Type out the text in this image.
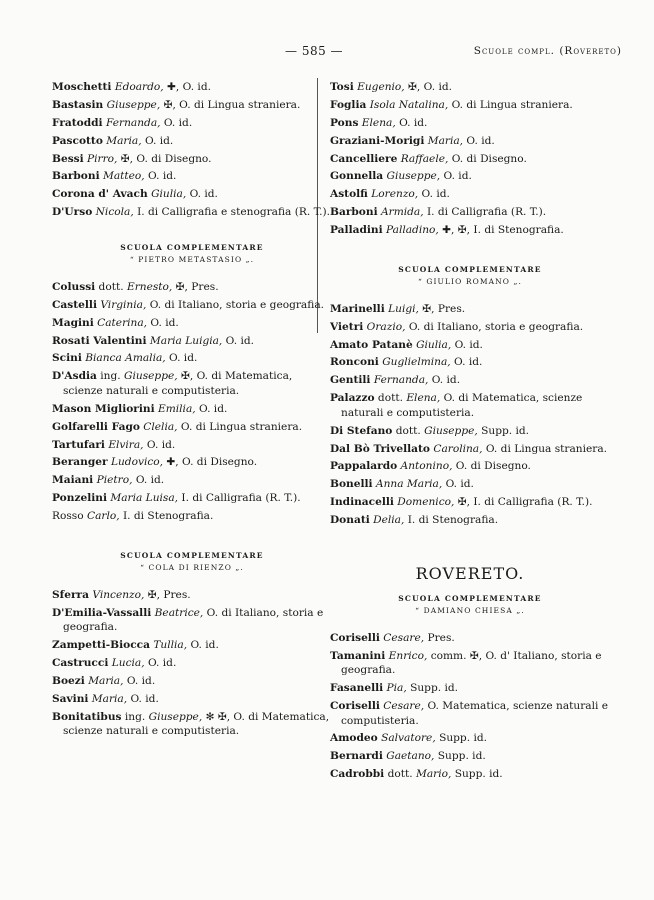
— 585 —	Scuole compl. (Rovereto)
Moschetti Edoardo, ✚, O. id.
Bastasin Giuseppe, ✠, O. di Lingua straniera.
Fratoddi Fernanda, O. id.
Pascotto Maria, O. id.
Bessi Pirro, ✠, O. di Disegno.
Barboni Matteo, O. id.
Corona d' Avach Giulia, O. id.
D'Urso Nicola, I. di Calligrafia e stenografia (R. T.).
SCUOLA COMPLEMENTARE
“ PIETRO METASTASIO „.
Colussi dott. Ernesto, ✠, Pres.
Castelli Virginia, O. di Italiano, storia e geografia.
Magini Caterina, O. id.
Rosati Valentini Maria Luigia, O. id.
Scini Bianca Amalia, O. id.
D'Asdia ing. Giuseppe, ✠, O. di Matematica, scienze naturali e computisteria.
Mason Migliorini Emilia, O. id.
Golfarelli Fago Clelia, O. di Lingua straniera.
Tartufari Elvira, O. id.
Beranger Ludovico, ✚, O. di Disegno.
Maiani Pietro, O. id.
Ponzelini Maria Luisa, I. di Calligrafia (R. T.).
Rosso Carlo, I. di Stenografia.
SCUOLA COMPLEMENTARE
“ COLA DI RIENZO „.
Sferra Vincenzo, ✠, Pres.
D'Emilia-Vassalli Beatrice, O. di Italiano, storia e geografia.
Zampetti-Biocca Tullia, O. id.
Castrucci Lucia, O. id.
Boezi Maria, O. id.
Savini Maria, O. id.
Bonitatibus ing. Giuseppe, ✻ ✠, O. di Matematica, scienze naturali e computisteria.
Tosi Eugenio, ✠, O. id.
Foglia Isola Natalina, O. di Lingua straniera.
Pons Elena, O. id.
Graziani-Morigi Maria, O. id.
Cancelliere Raffaele, O. di Disegno.
Gonnella Giuseppe, O. id.
Astolfi Lorenzo, O. id.
Barboni Armida, I. di Calligrafia (R. T.).
Palladini Palladino, ✚, ✠, I. di Stenografia.
SCUOLA COMPLEMENTARE
“ GIULIO ROMANO „.
Marinelli Luigi, ✠, Pres.
Vietri Orazio, O. di Italiano, storia e geografia.
Amato Patanè Giulia, O. id.
Ronconi Guglielmina, O. id.
Gentili Fernanda, O. id.
Palazzo dott. Elena, O. di Matematica, scienze naturali e computisteria.
Di Stefano dott. Giuseppe, Supp. id.
Dal Bò Trivellato Carolina, O. di Lingua straniera.
Pappalardo Antonino, O. di Disegno.
Bonelli Anna Maria, O. id.
Indinacelli Domenico, ✠, I. di Calligrafia (R. T.).
Donati Delia, I. di Stenografia.
ROVERETO.
SCUOLA COMPLEMENTARE
“ DAMIANO CHIESA „.
Coriselli Cesare, Pres.
Tamanini Enrico, comm. ✠, O. d' Italiano, storia e geografia.
Fasanelli Pia, Supp. id.
Coriselli Cesare, O. Matematica, scienze naturali e computisteria.
Amodeo Salvatore, Supp. id.
Bernardi Gaetano, Supp. id.
Cadrobbi dott. Mario, Supp. id.
